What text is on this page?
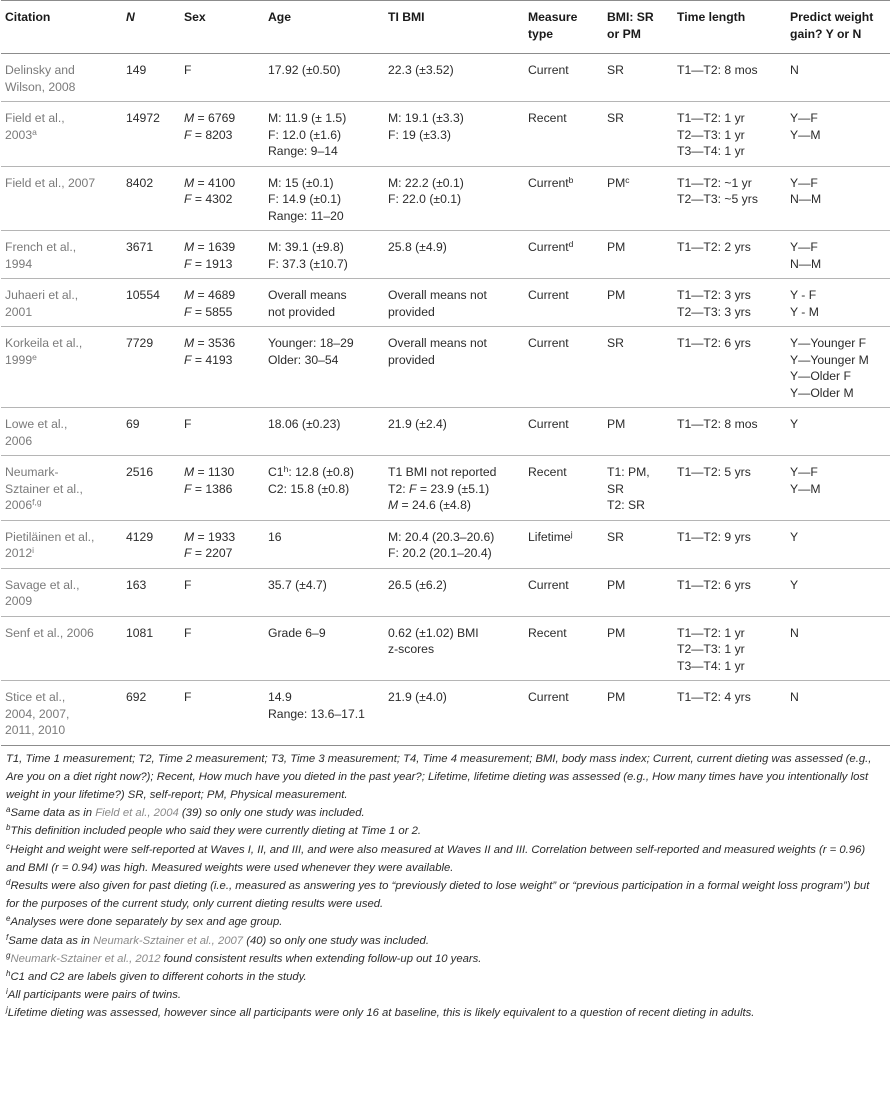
Citation	N	Sex	Age	TI BMI	Measure type	BMI: SR or PM	Time length	Predict weight gain? Y or N

Delinsky and
Wilson, 2008	149	F	17.92 (±0.50)	22.3 (±3.52)	Current	SR	T1—T2: 8 mos	N

Field et al.,
2003$^a$	14972	M = 6769
F = 8203	M: 11.9 (± 1.5)
F: 12.0 (±1.6)
Range: 9–14	M: 19.1 (±3.3)
F: 19 (±3.3)	Recent	SR	T1—T2: 1 yr
T2—T3: 1 yr
T3—T4: 1 yr	Y—F
Y—M

Field et al., 2007	8402	M = 4100
F = 4302	M: 15 (±0.1)
F: 14.9 (±0.1)
Range: 11–20	M: 22.2 (±0.1)
F: 22.0 (±0.1)	Current$^b$	$PM^c$	T1—T2: ~1 yr
T2—T3: ~5 yrs	Y—F
N—M

French et al.,
1994	3671	M = 1639
F = 1913	M: 39.1 (±9.8)
F: 37.3 (±10.7)	25.8 (±4.9)	Current$^d$	PM	T1—T2: 2 yrs	Y—F
N—M

Juhaeri et al.,
2001	10554	M = 4689
F = 5855	Overall means
not provided	Overall means not
provided	Current	PM	T1—T2: 3 yrs
T2—T3: 3 yrs	Y - F
Y - M

Korkeila et al.,
1999e	7729	M = 3536
F = 4193	Younger: 18–29
Older: 30–54	Overall means not
provided	Current	SR	T1—T2: 6 yrs	Y—Younger F
Y—Younger M
Y—Older F
Y—Older M

Lowe et al.,
2006	69	F	18.06 (±0.23)	21.9 (±2.4)	Current	PM	T1—T2: 8 mos	Y

Neumark-
Sztainer et al.,
2006$^{f,g}$	2516	M = 1130
F = 1386	C1$^h$: 12.8 (±0.8)
C2: 15.8 (±0.8)	T1 BMI not reported
T2: F = 23.9 (±5.1)
M = 24.6 (±4.8)	Recent	T1: PM,
SR
T2: SR	T1—T2: 5 yrs	Y—F
Y—M

Pietiläinen et al.,
2012$^i$	4129	M = 1933
F = 2207	16	M: 20.4 (20.3–20.6)
F: 20.2 (20.1–20.4)	Lifetime$^j$	SR	T1—T2: 9 yrs	Y

Savage et al.,
2009	163	F	35.7 (±4.7)	26.5 (±6.2)	Current	PM	T1—T2: 6 yrs	Y

Senf et al., 2006	1081	F	Grade 6–9	0.62 (±1.02) BMI
z-scores	Recent	PM	T1—T2: 1 yr
T2—T3: 1 yr
T3—T4: 1 yr	N

Stice et al.,
2004, 2007,
2011, 2010	692	F	14.9
Range: 13.6–17.1	21.9 (±4.0)	Current	PM	T1—T2: 4 yrs	N
T1, Time 1 measurement; T2, Time 2 measurement; T3, Time 3 measurement; T4, Time 4 measurement; BMI, body mass index; Current, current dieting was assessed (e.g., Are you on a diet right now?); Recent, How much have you dieted in the past year?; Lifetime, lifetime dieting was assessed (e.g., How many times have you intentionally lost weight in your lifetime?) SR, self-report; PM, Physical measurement.
$^a$Same data as in Field et al., 2004 (39) so only one study was included.
$^b$This definition included people who said they were currently dieting at Time 1 or 2.
$^c$Height and weight were self-reported at Waves I, II, and III, and were also measured at Waves II and III. Correlation between self-reported and measured weights (r = 0.96) and BMI (r = 0.94) was high. Measured weights were used whenever they were available.
$^d$Results were also given for past dieting (i.e., measured as answering yes to “previously dieted to lose weight” or “previous participation in a formal weight loss program”) but for the purposes of the current study, only current dieting results were used.
$^e$Analyses were done separately by sex and age group.
$^f$Same data as in Neumark-Sztainer et al., 2007 (40) so only one study was included.
$^g$Neumark-Sztainer et al., 2012 found consistent results when extending follow-up out 10 years.
$^h$C1 and C2 are labels given to different cohorts in the study.
$^i$All participants were pairs of twins.
$^j$Lifetime dieting was assessed, however since all participants were only 16 at baseline, this is likely equivalent to a question of recent dieting in adults.
